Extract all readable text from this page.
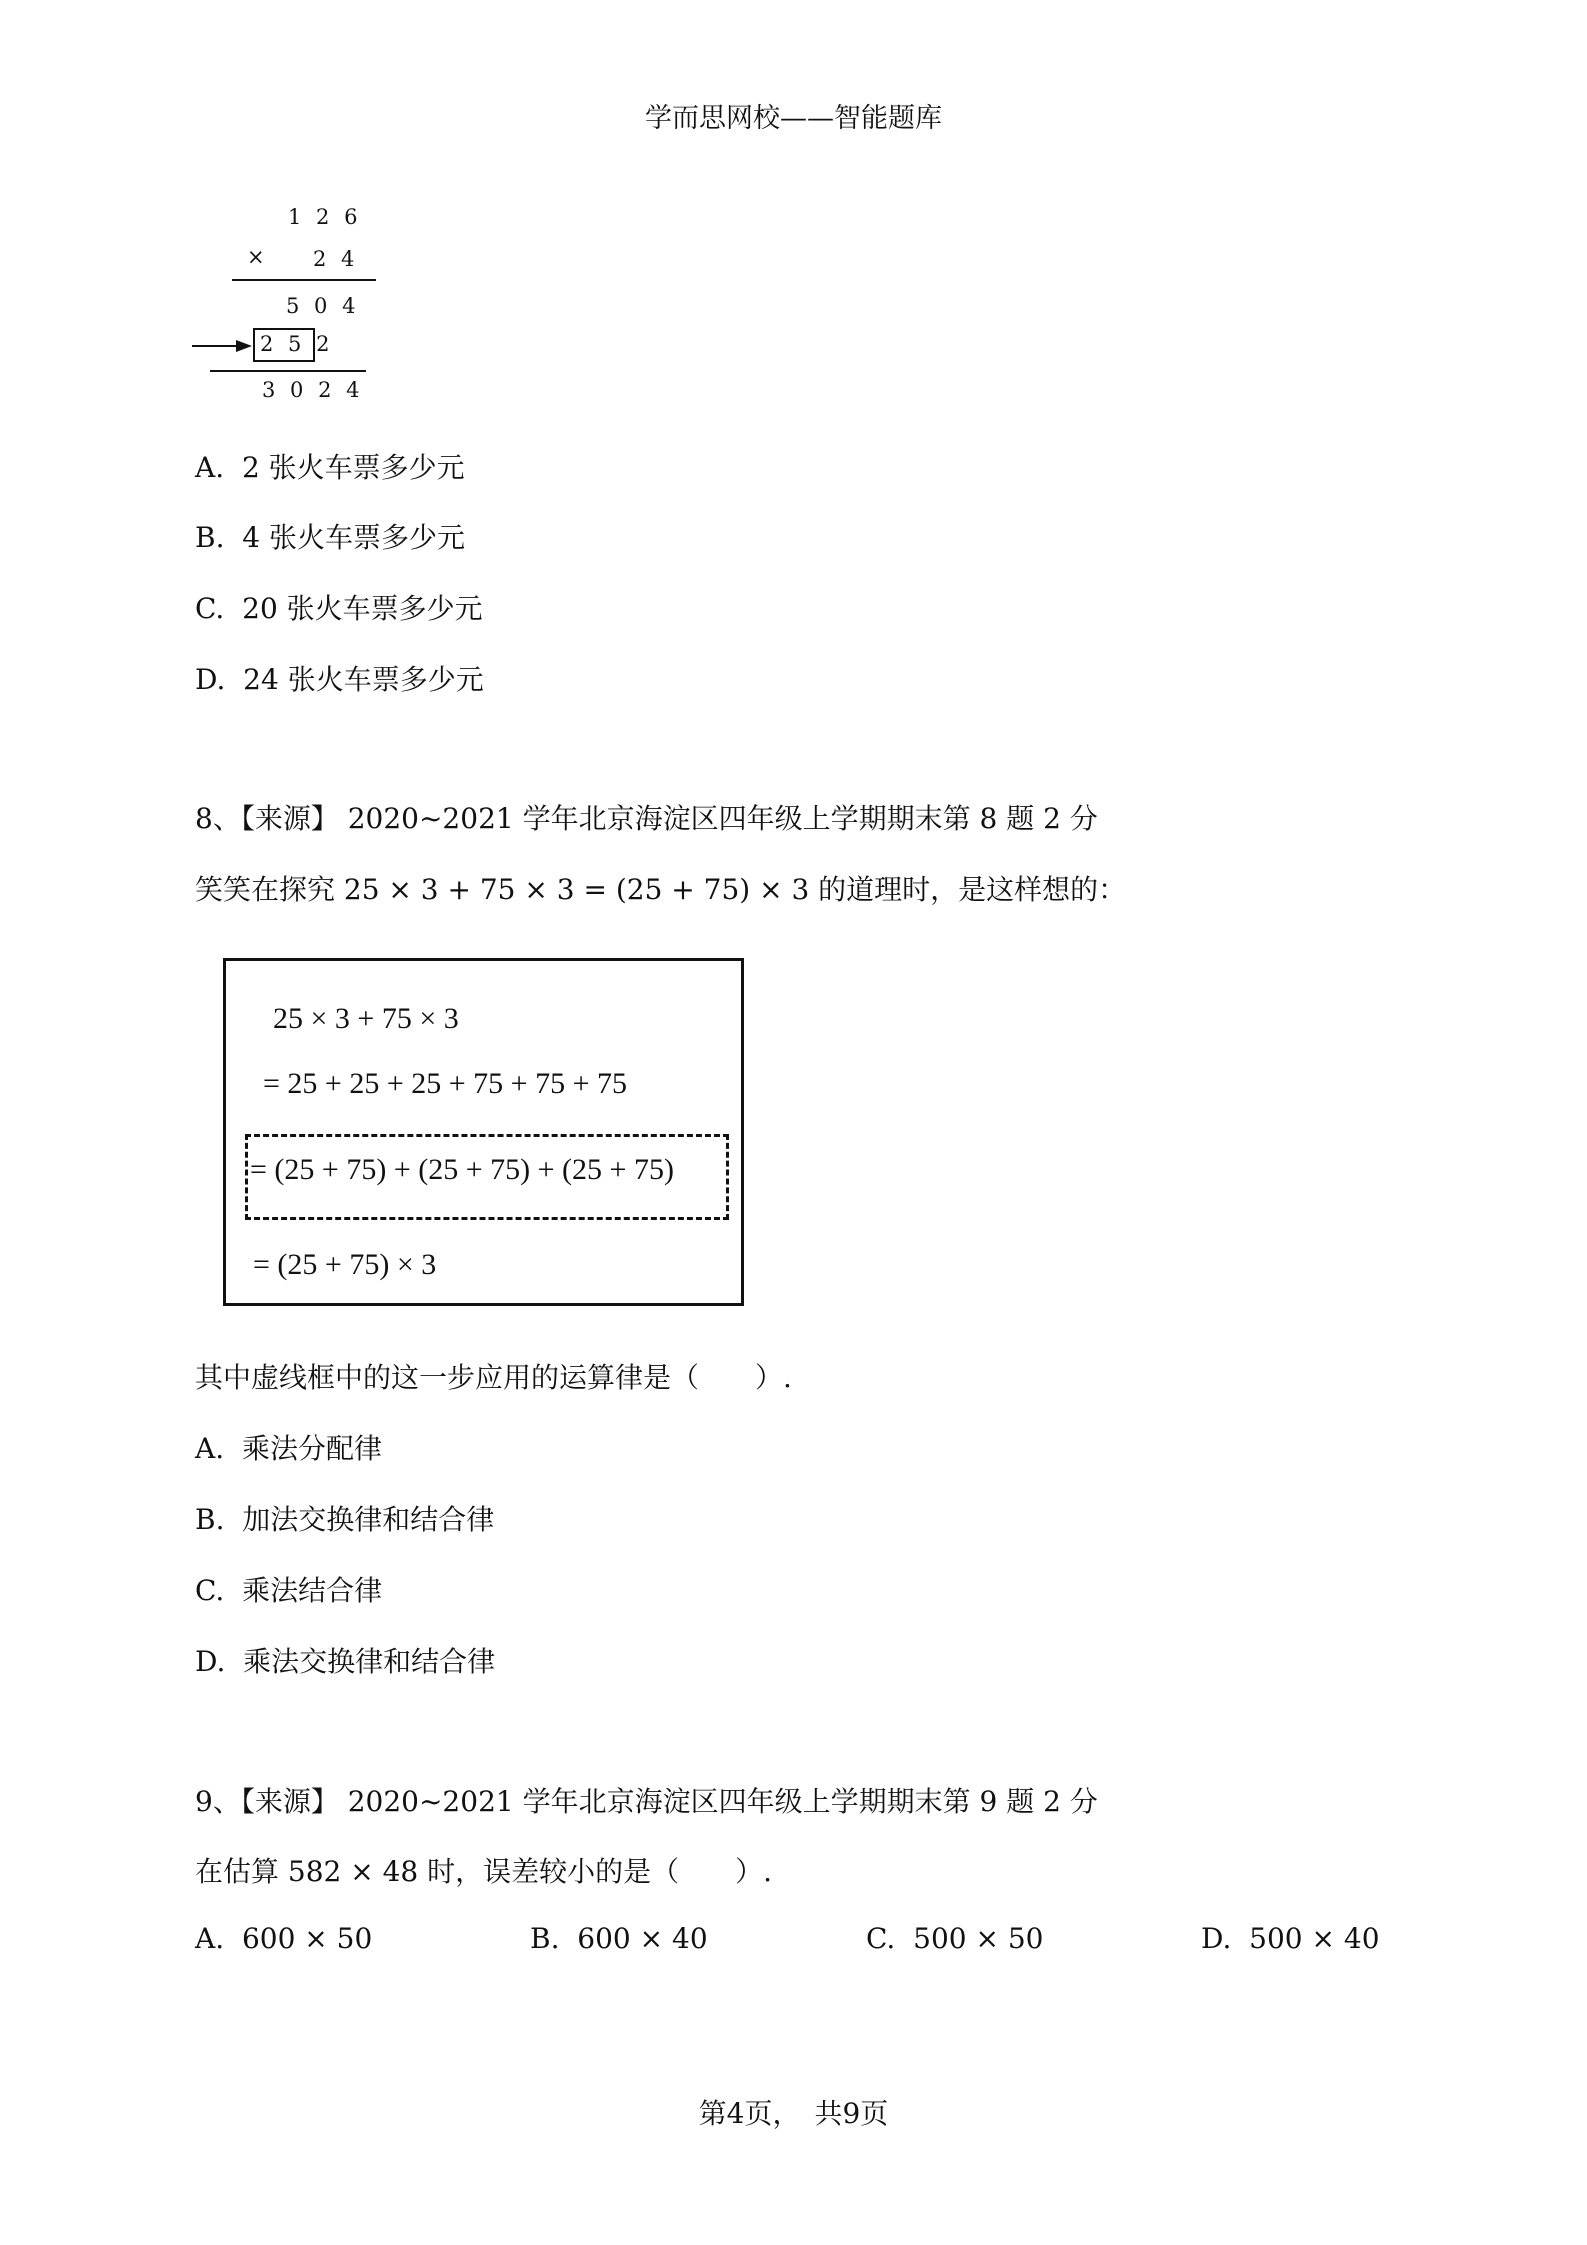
学而思网校——智能题库
1 2 6
× 2 4
5 0 4
2 5 2
3 0 2 4
A. 2 张火车票多少元
B. 4 张火车票多少元
C. 20 张火车票多少元
D. 24 张火车票多少元
8、【来源】 2020~2021 学年北京海淀区四年级上学期期末第 8 题 2 分
笑笑在探究 25 × 3 + 75 × 3 = (25 + 75) × 3 的道理时，是这样想的：
25 × 3 + 75 × 3
= 25 + 25 + 25 + 75 + 75 + 75
= (25 + 75) + (25 + 75) + (25 + 75)
= (25 + 75) × 3
其中虚线框中的这一步应用的运算律是（　　）.
A. 乘法分配律
B. 加法交换律和结合律
C. 乘法结合律
D. 乘法交换律和结合律
9、【来源】 2020~2021 学年北京海淀区四年级上学期期末第 9 题 2 分
在估算 582 × 48 时，误差较小的是（　　）.
A. 600 × 50	B. 600 × 40	C. 500 × 50	D. 500 × 40
第4页，　共9页
